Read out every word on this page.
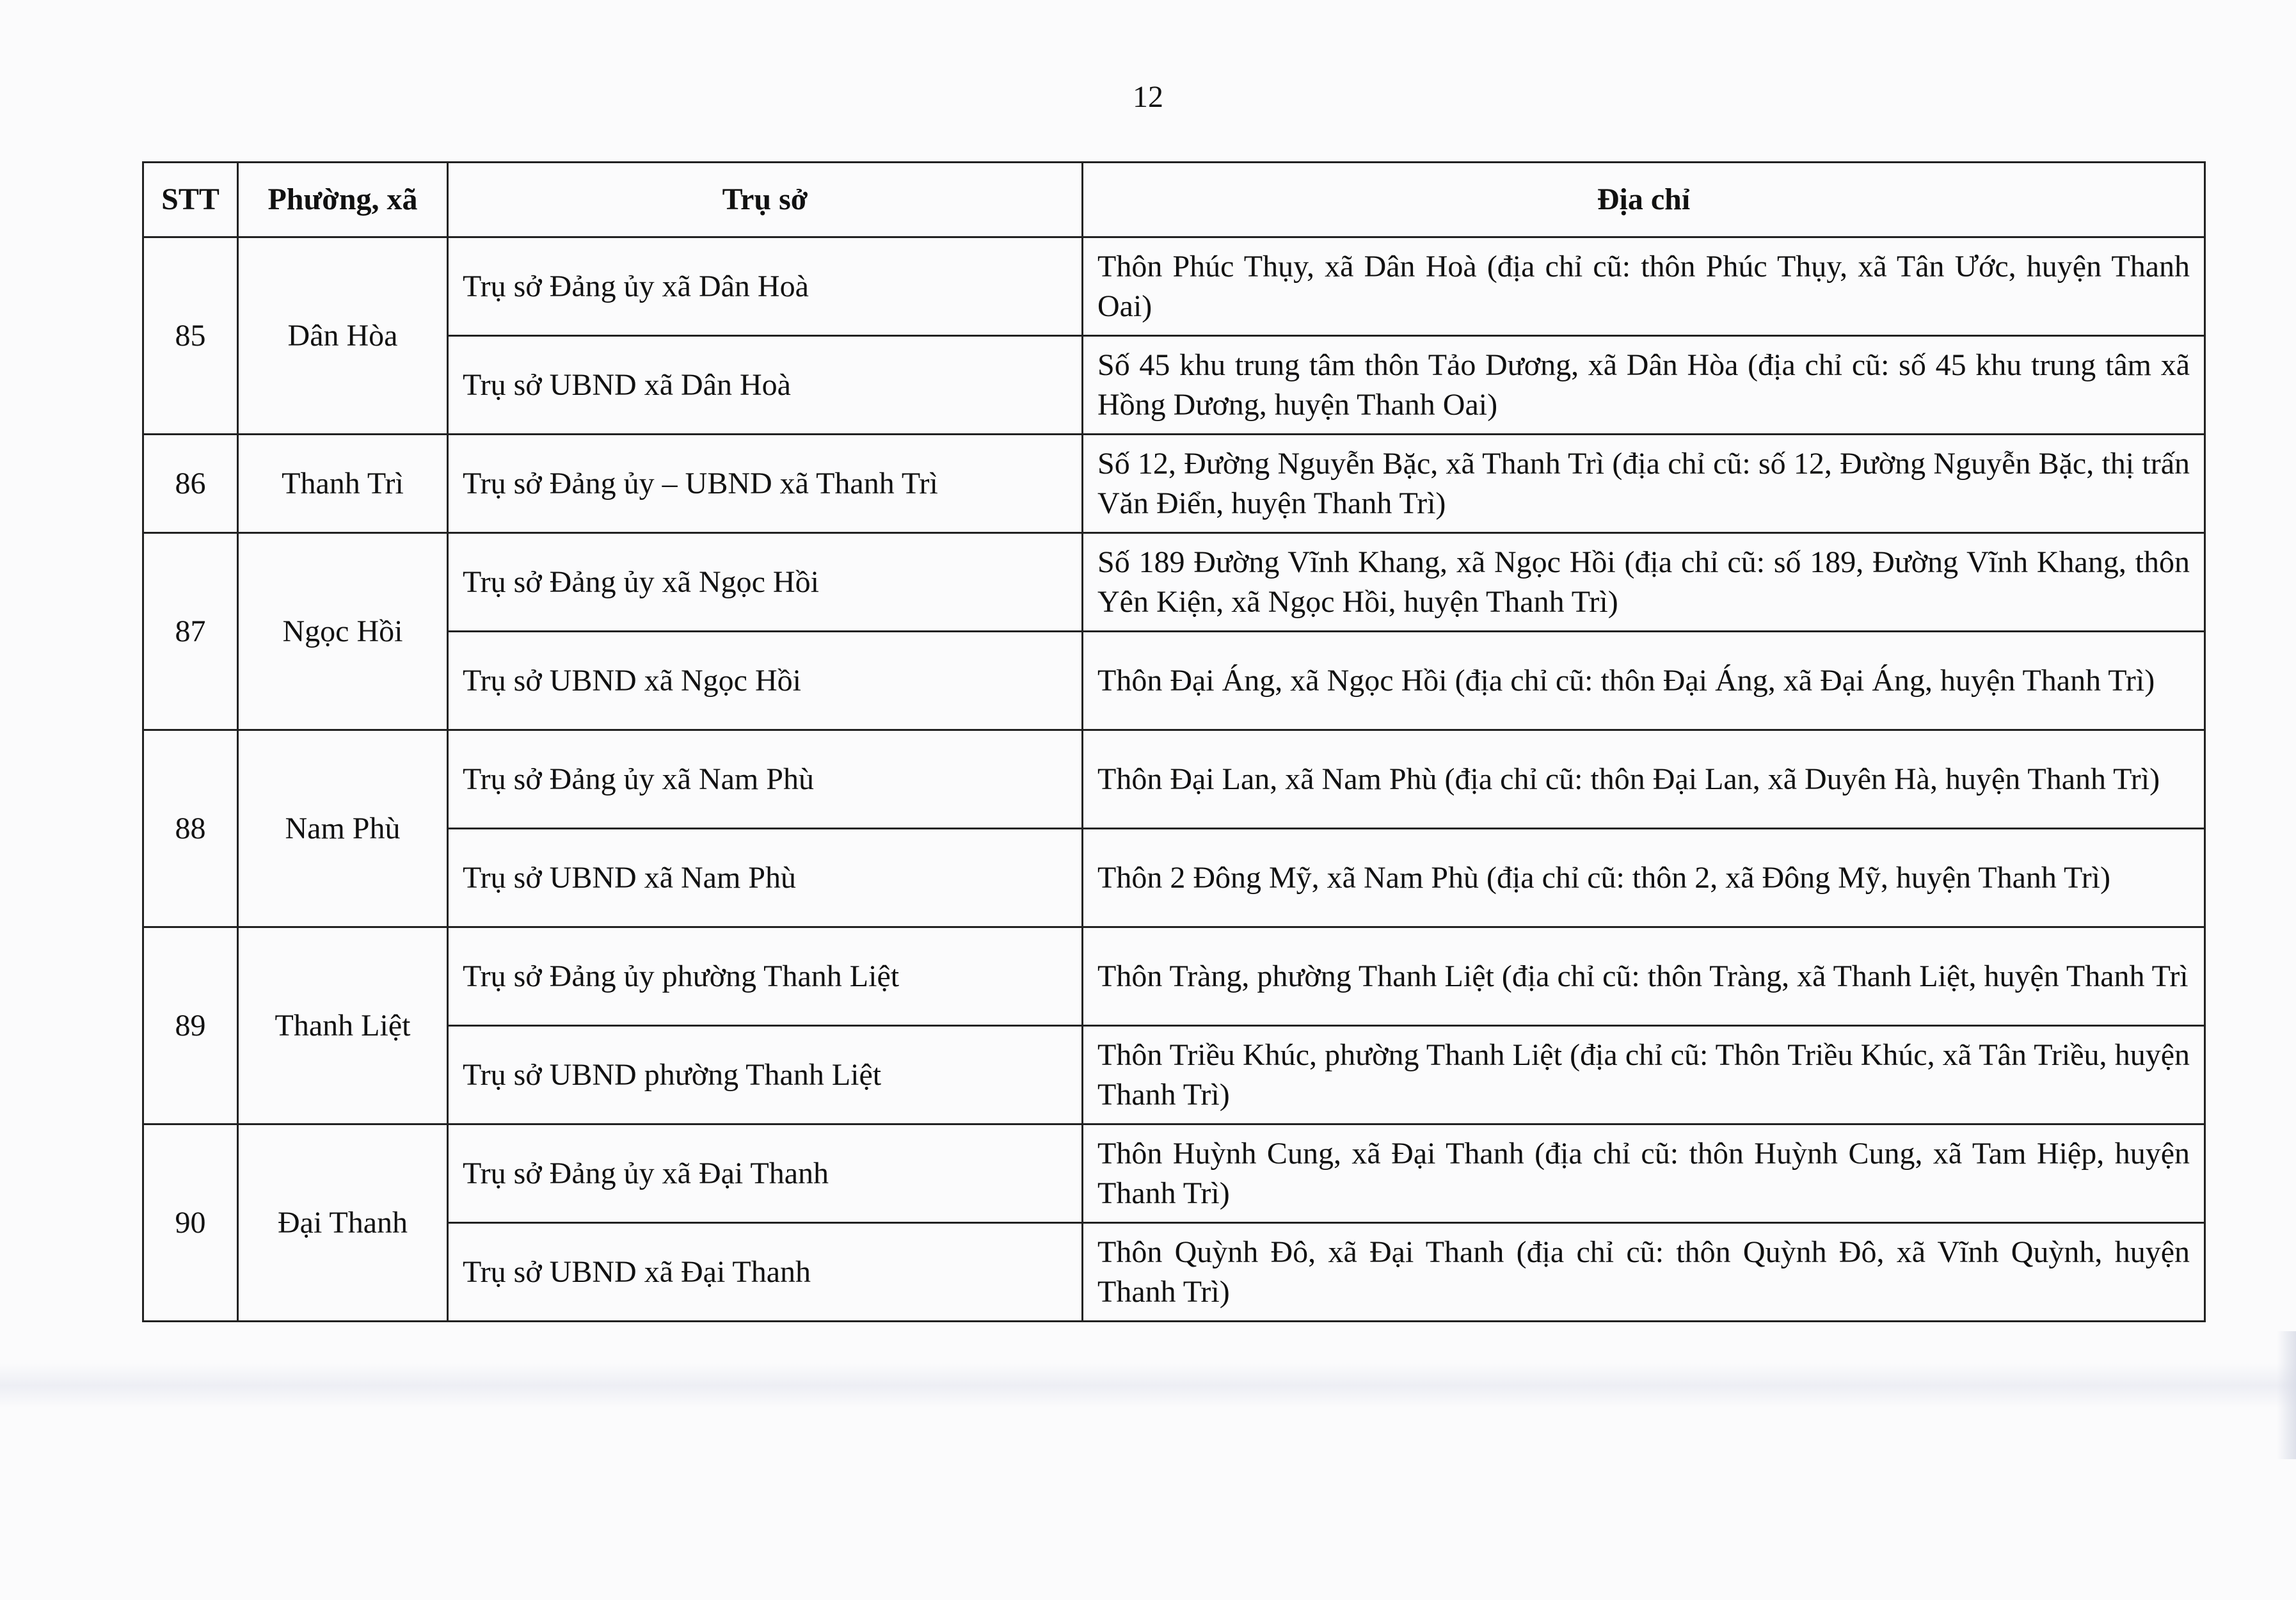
12
STT	Phường, xã	Trụ sở	Địa chỉ
85	Dân Hòa	Trụ sở Đảng ủy xã Dân Hoà	Thôn Phúc Thụy, xã Dân Hoà (địa chỉ cũ: thôn Phúc Thụy, xã Tân Ước, huyện Thanh Oai)
		Trụ sở UBND xã Dân Hoà	Số 45 khu trung tâm thôn Tảo Dương, xã Dân Hòa (địa chỉ cũ: số 45 khu trung tâm xã Hồng Dương, huyện Thanh Oai)
86	Thanh Trì	Trụ sở Đảng ủy – UBND xã Thanh Trì	Số 12, Đường Nguyễn Bặc, xã Thanh Trì (địa chỉ cũ: số 12, Đường Nguyễn Bặc, thị trấn Văn Điển, huyện Thanh Trì)
87	Ngọc Hồi	Trụ sở Đảng ủy xã Ngọc Hồi	Số 189 Đường Vĩnh Khang, xã Ngọc Hồi (địa chỉ cũ: số 189, Đường Vĩnh Khang, thôn Yên Kiện, xã Ngọc Hồi, huyện Thanh Trì)
		Trụ sở UBND xã Ngọc Hồi	Thôn Đại Áng, xã Ngọc Hồi (địa chỉ cũ: thôn Đại Áng, xã Đại Áng, huyện Thanh Trì)
88	Nam Phù	Trụ sở Đảng ủy xã Nam Phù	Thôn Đại Lan, xã Nam Phù (địa chỉ cũ: thôn Đại Lan, xã Duyên Hà, huyện Thanh Trì)
		Trụ sở UBND xã Nam Phù	Thôn 2 Đông Mỹ, xã Nam Phù (địa chỉ cũ: thôn 2, xã Đông Mỹ, huyện Thanh Trì)
89	Thanh Liệt	Trụ sở Đảng ủy phường Thanh Liệt	Thôn Tràng, phường Thanh Liệt (địa chỉ cũ: thôn Tràng, xã Thanh Liệt, huyện Thanh Trì
		Trụ sở UBND phường Thanh Liệt	Thôn Triều Khúc, phường Thanh Liệt (địa chỉ cũ: Thôn Triều Khúc, xã Tân Triều, huyện Thanh Trì)
90	Đại Thanh	Trụ sở Đảng ủy xã Đại Thanh	Thôn Huỳnh Cung, xã Đại Thanh (địa chỉ cũ: thôn Huỳnh Cung, xã Tam Hiệp, huyện Thanh Trì)
		Trụ sở UBND xã Đại Thanh	Thôn Quỳnh Đô, xã Đại Thanh (địa chỉ cũ: thôn Quỳnh Đô, xã Vĩnh Quỳnh, huyện Thanh Trì)
